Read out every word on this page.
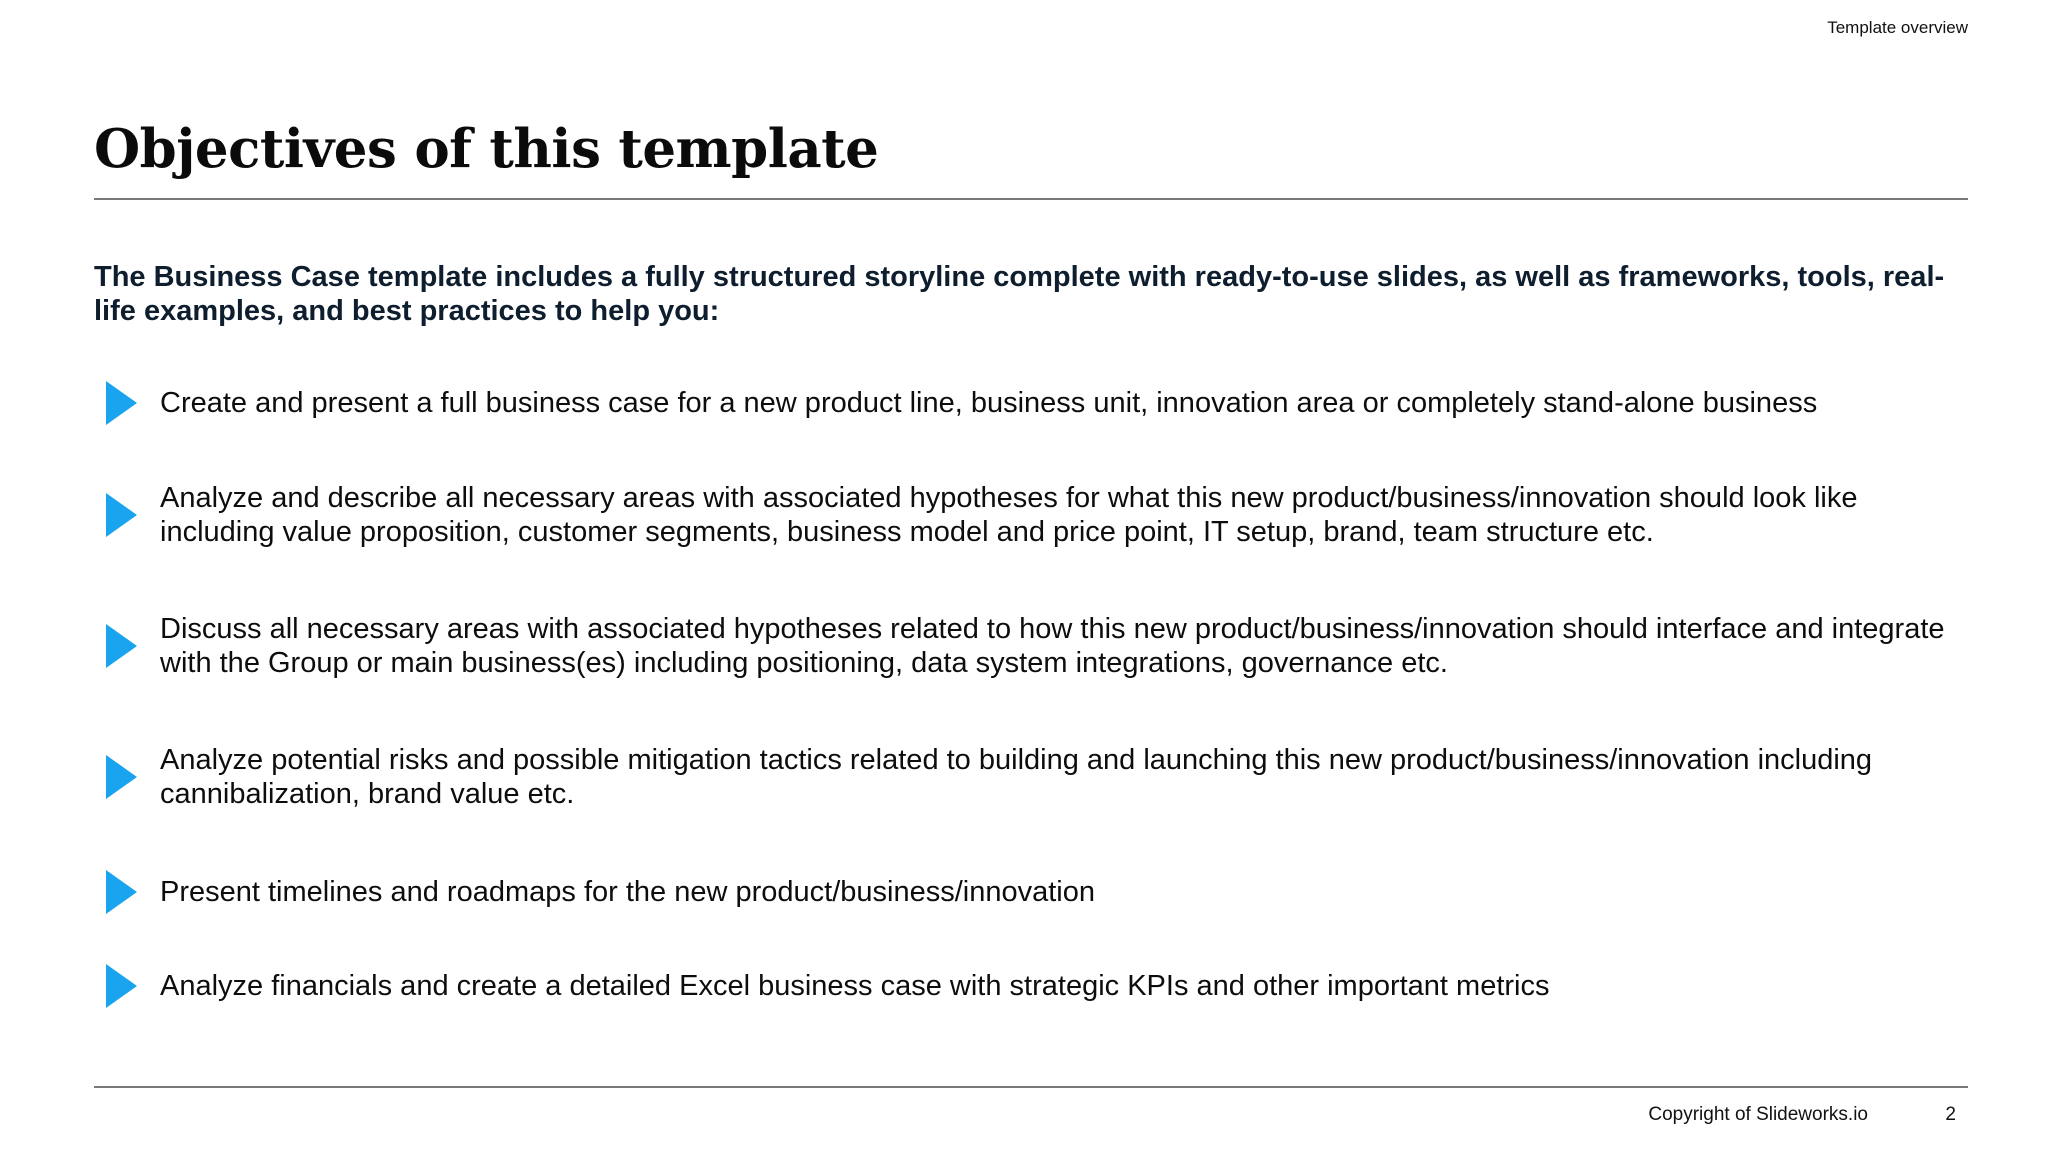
Template overview
Objectives of this template

The Business Case template includes a fully structured storyline complete with ready-to-use slides, as well as frameworks, tools, real-life examples, and best practices to help you:

Create and present a full business case for a new product line, business unit, innovation area or completely stand-alone business
Analyze and describe all necessary areas with associated hypotheses for what this new product/business/innovation should look like including value proposition, customer segments, business model and price point, IT setup, brand, team structure etc.
Discuss all necessary areas with associated hypotheses related to how this new product/business/innovation should interface and integrate with the Group or main business(es) including positioning, data system integrations, governance etc.
Analyze potential risks and possible mitigation tactics related to building and launching this new product/business/innovation including cannibalization, brand value etc.
Present timelines and roadmaps for the new product/business/innovation
Analyze financials and create a detailed Excel business case with strategic KPIs and other important metrics
Copyright of Slideworks.io	2
